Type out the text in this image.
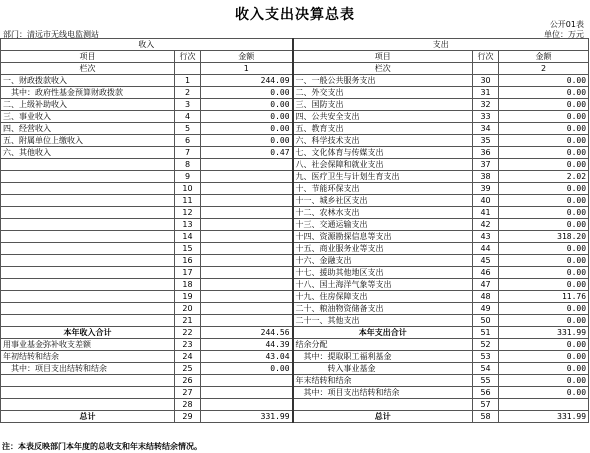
收入支出决算总表
公开01表
部门：清远市无线电监测站	单位：万元
收入			支出		
项目	行次	金额	项目	行次	金额
栏次		1	栏次		2
一、财政拨款收入	1	244.09	一、一般公共服务支出	30	0.00
　其中：政府性基金预算财政拨款	2	0.00	二、外交支出	31	0.00
二、上级补助收入	3	0.00	三、国防支出	32	0.00
三、事业收入	4	0.00	四、公共安全支出	33	0.00
四、经营收入	5	0.00	五、教育支出	34	0.00
五、附属单位上缴收入	6	0.00	六、科学技术支出	35	0.00
六、其他收入	7	0.47	七、文化体育与传媒支出	36	0.00
	8		八、社会保障和就业支出	37	0.00
	9		九、医疗卫生与计划生育支出	38	2.02
	10		十、节能环保支出	39	0.00
	11		十一、城乡社区支出	40	0.00
	12		十二、农林水支出	41	0.00
	13		十三、交通运输支出	42	0.00
	14		十四、资源勘探信息等支出	43	318.20
	15		十五、商业服务业等支出	44	0.00
	16		十六、金融支出	45	0.00
	17		十七、援助其他地区支出	46	0.00
	18		十八、国土海洋气象等支出	47	0.00
	19		十九、住房保障支出	48	11.76
	20		二十、粮油物资储备支出	49	0.00
	21		二十一、其他支出	50	0.00
本年收入合计	22	244.56	本年支出合计	51	331.99
用事业基金弥补收支差额	23	44.39	结余分配	52	0.00
年初结转和结余	24	43.04	　其中：提取职工福利基金	53	0.00
　其中：项目支出结转和结余	25	0.00	　　　　转入事业基金	54	0.00
	26		年末结转和结余	55	0.00
	27		　其中：项目支出结转和结余	56	0.00
	28			57	
总计	29	331.99	总计	58	331.99
注：本表反映部门本年度的总收支和年末结转结余情况。
